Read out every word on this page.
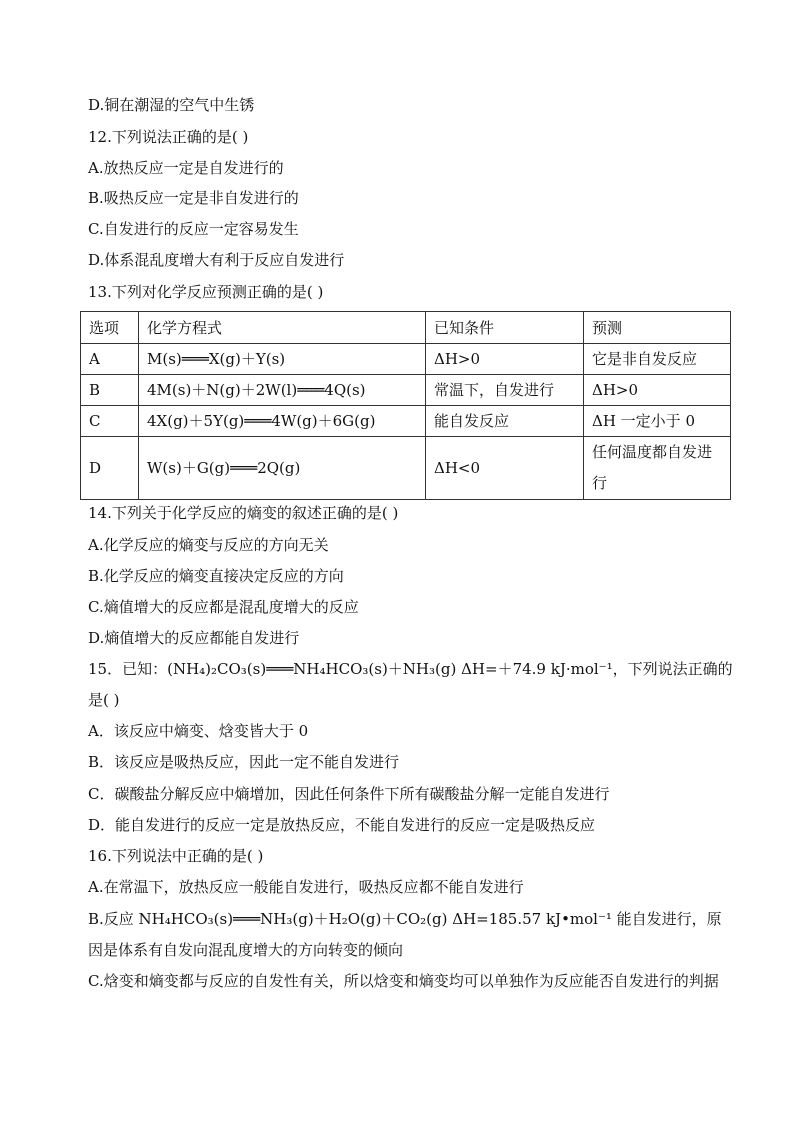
D.铜在潮湿的空气中生锈
12.下列说法正确的是( )
A.放热反应一定是自发进行的
B.吸热反应一定是非自发进行的
C.自发进行的反应一定容易发生
D.体系混乱度增大有利于反应自发进行
13.下列对化学反应预测正确的是( )
选项	化学方程式	已知条件	预测
A	M(s)═══X(g)＋Y(s)	ΔH>0	它是非自发反应
B	4M(s)＋N(g)＋2W(l)═══4Q(s)	常温下，自发进行	ΔH>0
C	4X(g)＋5Y(g)═══4W(g)＋6G(g)	能自发反应	ΔH 一定小于 0
D	W(s)＋G(g)═══2Q(g)	ΔH<0	任何温度都自发进行
14.下列关于化学反应的熵变的叙述正确的是( )
A.化学反应的熵变与反应的方向无关
B.化学反应的熵变直接决定反应的方向
C.熵值增大的反应都是混乱度增大的反应
D.熵值增大的反应都能自发进行
15．已知：(NH₄)₂CO₃(s)═══NH₄HCO₃(s)＋NH₃(g) ΔH=＋74.9 kJ·mol⁻¹，下列说法正确的
是( )
A．该反应中熵变、焓变皆大于 0
B．该反应是吸热反应，因此一定不能自发进行
C．碳酸盐分解反应中熵增加，因此任何条件下所有碳酸盐分解一定能自发进行
D．能自发进行的反应一定是放热反应，不能自发进行的反应一定是吸热反应
16.下列说法中正确的是( )
A.在常温下，放热反应一般能自发进行，吸热反应都不能自发进行
B.反应 NH₄HCO₃(s)═══NH₃(g)＋H₂O(g)＋CO₂(g) ΔH=185.57 kJ•mol⁻¹ 能自发进行，原因是体系有自发向混乱度增大的方向转变的倾向
C.焓变和熵变都与反应的自发性有关，所以焓变和熵变均可以单独作为反应能否自发进行的判据
